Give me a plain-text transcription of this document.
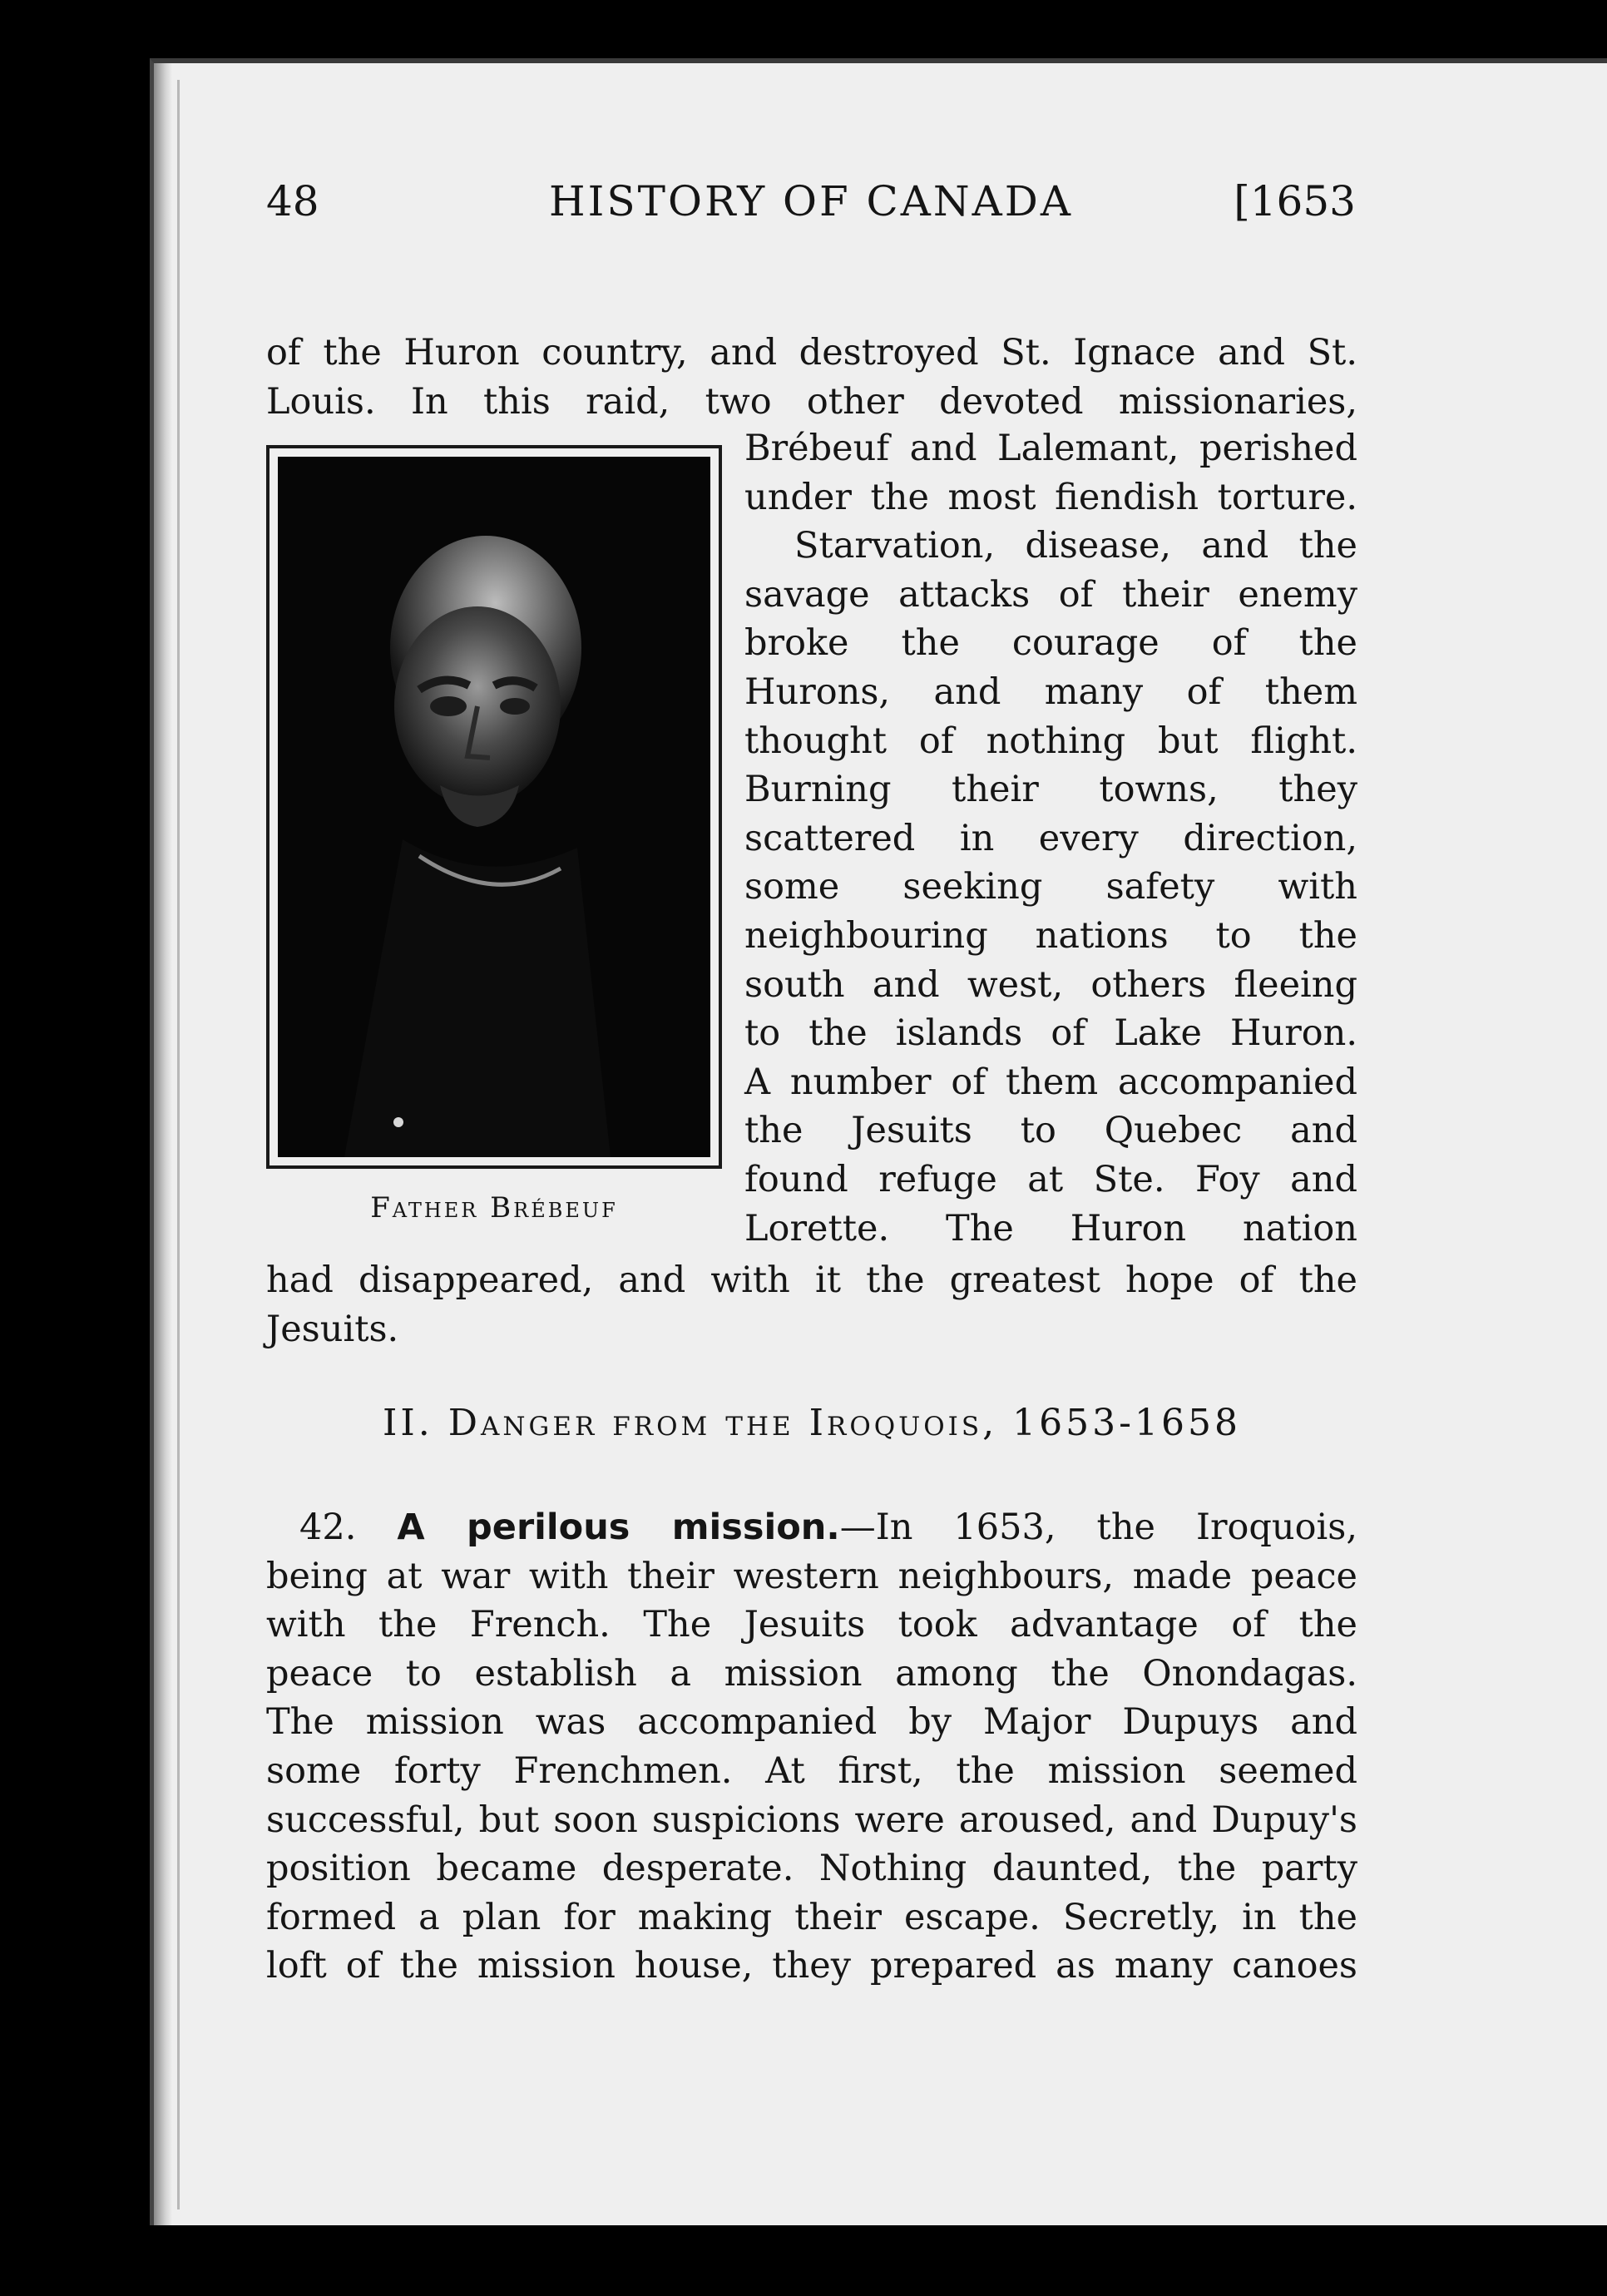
48	HISTORY OF CANADA	[1653
of the Huron country, and destroyed St. Ignace and St.
Louis. In this raid, two other devoted missionaries,
Father Brébeuf
Brébeuf and Lalemant, perished
under the most fiendish torture.
Starvation, disease, and the
savage attacks of their enemy
broke the courage of the
Hurons, and many of them
thought of nothing but flight.
Burning their towns, they
scattered in every direction,
some seeking safety with
neighbouring nations to the
south and west, others fleeing
to the islands of Lake Huron.
A number of them accompanied
the Jesuits to Quebec and
found refuge at Ste. Foy and
Lorette. The Huron nation
had disappeared, and with it the greatest hope of the
Jesuits.
II. Danger from the Iroquois, 1653-1658
42. A perilous mission.—In 1653, the Iroquois,
being at war with their western neighbours, made peace
with the French. The Jesuits took advantage of the
peace to establish a mission among the Onondagas.
The mission was accompanied by Major Dupuys and
some forty Frenchmen. At first, the mission seemed
successful, but soon suspicions were aroused, and Dupuy's
position became desperate. Nothing daunted, the party
formed a plan for making their escape. Secretly, in the
loft of the mission house, they prepared as many canoes
